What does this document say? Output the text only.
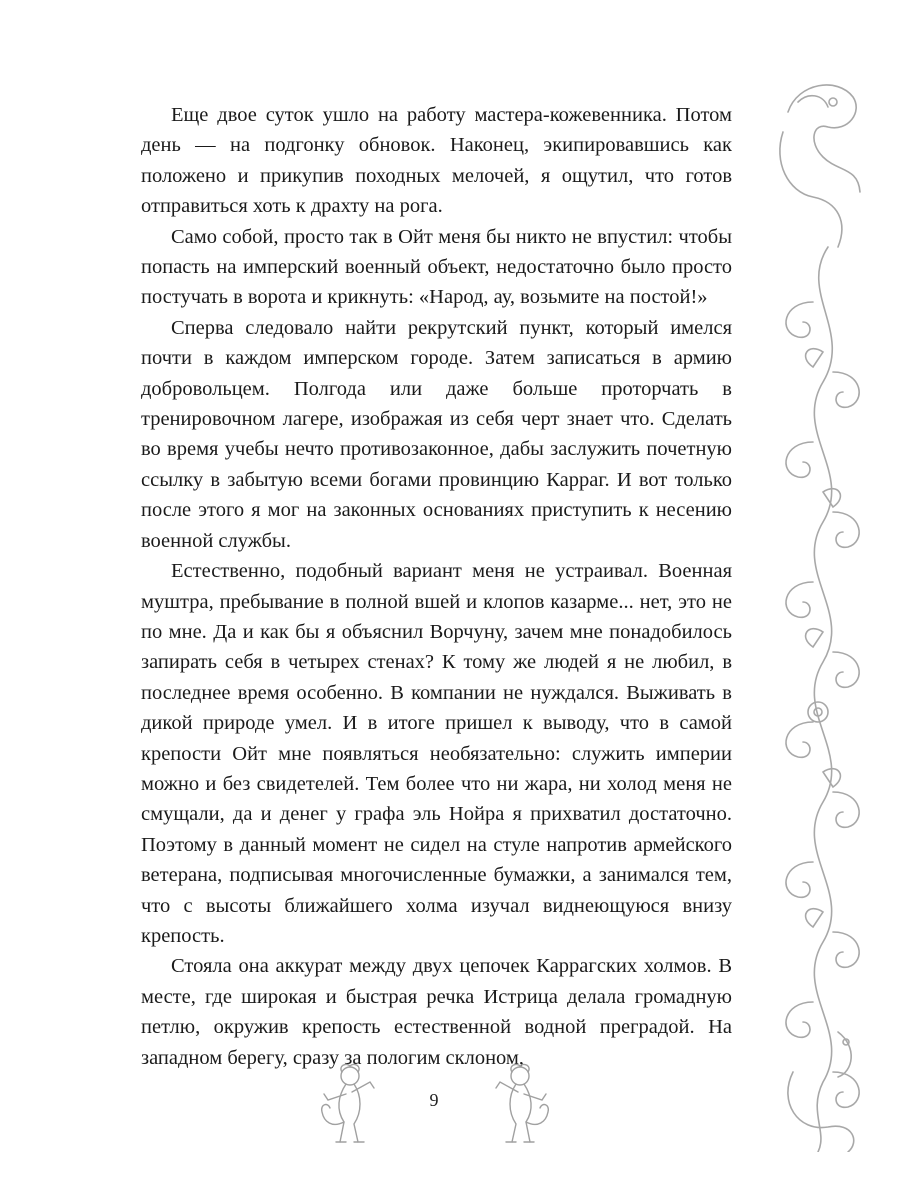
Еще двое суток ушло на работу мастера-кожевенника. Потом день — на подгонку обновок. Наконец, экипировавшись как положено и прикупив походных мелочей, я ощутил, что готов отправиться хоть к драхту на рога.

Само собой, просто так в Ойт меня бы никто не впустил: чтобы попасть на имперский военный объект, недостаточно было просто постучать в ворота и крикнуть: «Народ, ау, возьмите на постой!»

Сперва следовало найти рекрутский пункт, который имелся почти в каждом имперском городе. Затем записаться в армию добровольцем. Полгода или даже больше проторчать в тренировочном лагере, изображая из себя черт знает что. Сделать во время учебы нечто противозаконное, дабы заслужить почетную ссылку в забытую всеми богами провинцию Карраг. И вот только после этого я мог на законных основаниях приступить к несению военной службы.

Естественно, подобный вариант меня не устраивал. Военная муштра, пребывание в полной вшей и клопов казарме... нет, это не по мне. Да и как бы я объяснил Ворчуну, зачем мне понадобилось запирать себя в четырех стенах? К тому же людей я не любил, в последнее время особенно. В компании не нуждался. Выживать в дикой природе умел. И в итоге пришел к выводу, что в самой крепости Ойт мне появляться необязательно: служить империи можно и без свидетелей. Тем более что ни жара, ни холод меня не смущали, да и денег у графа эль Нойра я прихватил достаточно. Поэтому в данный момент не сидел на стуле напротив армейского ветерана, подписывая многочисленные бумажки, а занимался тем, что с высоты ближайшего холма изучал виднеющуюся внизу крепость.

Стояла она аккурат между двух цепочек Каррагских холмов. В месте, где широкая и быстрая речка Истрица делала громадную петлю, окружив крепость естественной водной преградой. На западном берегу, сразу за пологим склоном,

9
